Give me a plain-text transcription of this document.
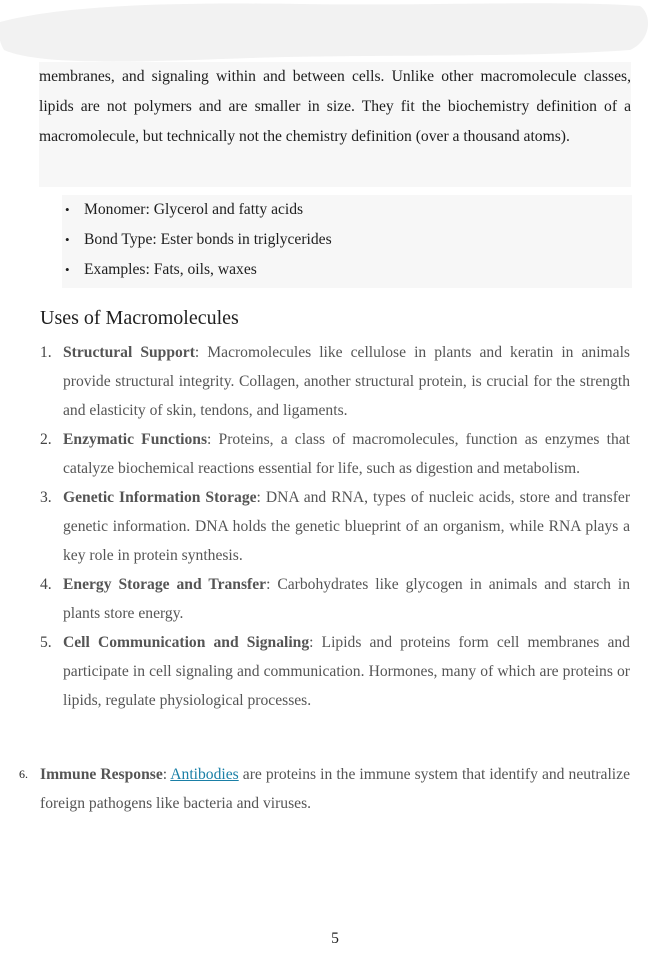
membranes, and signaling within and between cells. Unlike other macromolecule classes, lipids are not polymers and are smaller in size. They fit the biochemistry definition of a macromolecule, but technically not the chemistry definition (over a thousand atoms).

• Monomer: Glycerol and fatty acids
• Bond Type: Ester bonds in triglycerides
• Examples: Fats, oils, waxes
Uses of Macromolecules
1. Structural Support: Macromolecules like cellulose in plants and keratin in animals provide structural integrity. Collagen, another structural protein, is crucial for the strength and elasticity of skin, tendons, and ligaments.
2. Enzymatic Functions: Proteins, a class of macromolecules, function as enzymes that catalyze biochemical reactions essential for life, such as digestion and metabolism.
3. Genetic Information Storage: DNA and RNA, types of nucleic acids, store and transfer genetic information. DNA holds the genetic blueprint of an organism, while RNA plays a key role in protein synthesis.
4. Energy Storage and Transfer: Carbohydrates like glycogen in animals and starch in plants store energy.
5. Cell Communication and Signaling: Lipids and proteins form cell membranes and participate in cell signaling and communication. Hormones, many of which are proteins or lipids, regulate physiological processes.

6. Immune Response: Antibodies are proteins in the immune system that identify and neutralize foreign pathogens like bacteria and viruses.

5
